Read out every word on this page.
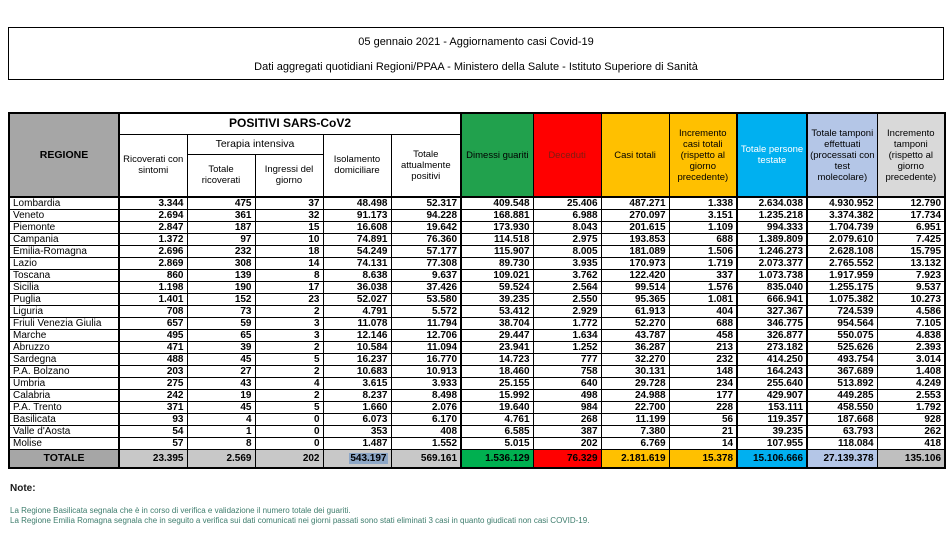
05 gennaio 2021 - Aggiornamento casi Covid-19
Dati aggregati quotidiani Regioni/PPAA - Ministero della Salute - Istituto Superiore di Sanità
REGIONE	POSITIVI SARS-CoV2					Dimessi guariti	Deceduti	Casi totali	Incremento casi totali (rispetto al giorno precedente)	Totale persone testate	Totale tamponi effettuati (processati con test molecolare)	Incremento tamponi (rispetto al giorno precedente)
	Ricoverati con sintomi	Terapia intensiva		Isolamento domiciliare	Totale attualmente positivi							
		Totale ricoverati	Ingressi del giorno									
Lombardia	3.344	475	37	48.498	52.317	409.548	25.406	487.271	1.338	2.634.038	4.930.952	12.790
Veneto	2.694	361	32	91.173	94.228	168.881	6.988	270.097	3.151	1.235.218	3.374.382	17.734
Piemonte	2.847	187	15	16.608	19.642	173.930	8.043	201.615	1.109	994.333	1.704.739	6.951
Campania	1.372	97	10	74.891	76.360	114.518	2.975	193.853	688	1.389.809	2.079.610	7.425
Emilia-Romagna	2.696	232	18	54.249	57.177	115.907	8.005	181.089	1.506	1.246.273	2.628.108	15.795
Lazio	2.869	308	14	74.131	77.308	89.730	3.935	170.973	1.719	2.073.377	2.765.552	13.132
Toscana	860	139	8	8.638	9.637	109.021	3.762	122.420	337	1.073.738	1.917.959	7.923
Sicilia	1.198	190	17	36.038	37.426	59.524	2.564	99.514	1.576	835.040	1.255.175	9.537
Puglia	1.401	152	23	52.027	53.580	39.235	2.550	95.365	1.081	666.941	1.075.382	10.273
Liguria	708	73	2	4.791	5.572	53.412	2.929	61.913	404	327.367	724.539	4.586
Friuli Venezia Giulia	657	59	3	11.078	11.794	38.704	1.772	52.270	688	346.775	954.564	7.105
Marche	495	65	3	12.146	12.706	29.447	1.634	43.787	458	326.877	550.075	4.838
Abruzzo	471	39	2	10.584	11.094	23.941	1.252	36.287	213	273.182	525.626	2.393
Sardegna	488	45	5	16.237	16.770	14.723	777	32.270	232	414.250	493.754	3.014
P.A. Bolzano	203	27	2	10.683	10.913	18.460	758	30.131	148	164.243	367.689	1.408
Umbria	275	43	4	3.615	3.933	25.155	640	29.728	234	255.640	513.892	4.249
Calabria	242	19	2	8.237	8.498	15.992	498	24.988	177	429.907	449.285	2.553
P.A. Trento	371	45	5	1.660	2.076	19.640	984	22.700	228	153.111	458.550	1.792
Basilicata	93	4	0	6.073	6.170	4.761	268	11.199	56	119.357	187.668	928
Valle d'Aosta	54	1	0	353	408	6.585	387	7.380	21	39.235	63.793	262
Molise	57	8	0	1.487	1.552	5.015	202	6.769	14	107.955	118.084	418
TOTALE	23.395	2.569	202	543.197	569.161	1.536.129	76.329	2.181.619	15.378	15.106.666	27.139.378	135.106
Note:
La Regione Basilicata segnala che è in corso di verifica e validazione il numero totale dei guariti.
La Regione Emilia Romagna segnala che in seguito a verifica sui dati comunicati nei giorni passati sono stati eliminati 3 casi in quanto giudicati non casi COVID-19.
